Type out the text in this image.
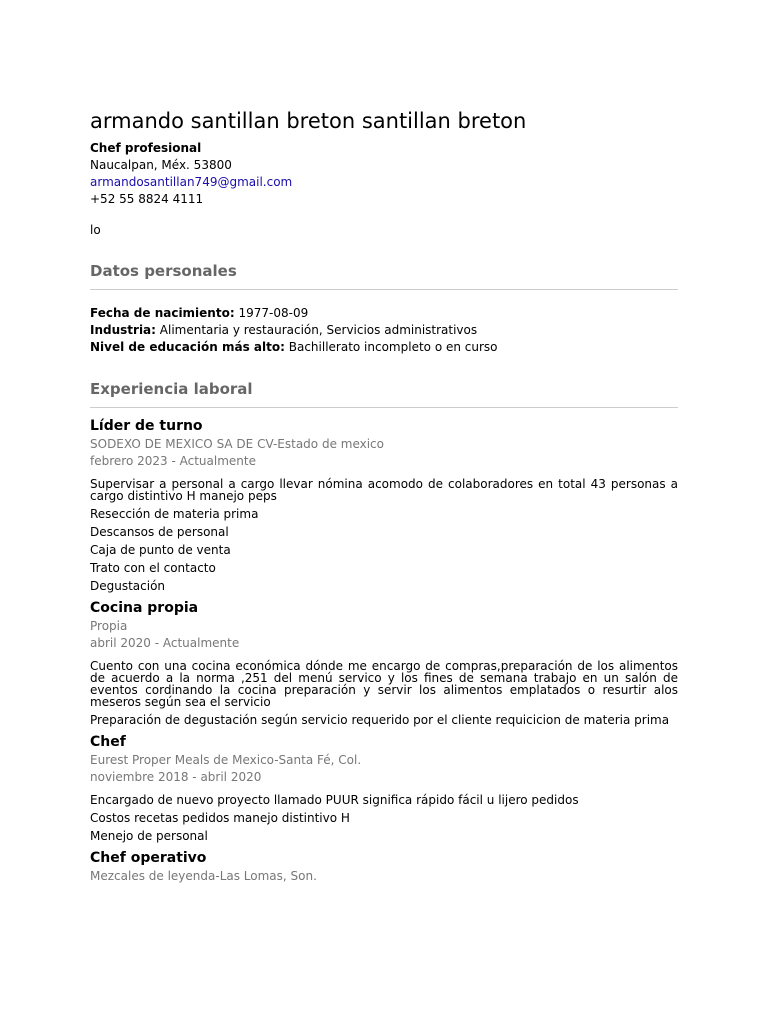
armando santillan breton santillan breton

Chef profesional

Naucalpan, Méx. 53800

armandosantillan749@gmail.com

+52 55 8824 4111

lo

Datos personales

Fecha de nacimiento: 1977-08-09

Industria: Alimentaria y restauración, Servicios administrativos

Nivel de educación más alto: Bachillerato incompleto o en curso

Experiencia laboral
Líder de turno

SODEXO DE MEXICO SA DE CV-Estado de mexico

febrero 2023 - Actualmente

Supervisar a personal a cargo llevar nómina acomodo de colaboradores en total 43 personas a cargo distintivo H manejo peps

Resección de materia prima

Descansos de personal

Caja de punto de venta

Trato con el contacto

Degustación

Cocina propia

Propia

abril 2020 - Actualmente

Cuento con una cocina económica dónde me encargo de compras,preparación de los alimentos de acuerdo a la norma ,251 del menú servico y los fines de semana trabajo en un salón de eventos cordinando la cocina preparación y servir los alimentos emplatados o resurtir alos meseros según sea el servicio

Preparación de degustación según servicio requerido por el cliente requicicion de materia prima

Chef

Eurest Proper Meals de Mexico-Santa Fé, Col.

noviembre 2018 - abril 2020

Encargado de nuevo proyecto llamado PUUR significa rápido fácil u lijero pedidos

Costos recetas pedidos manejo distintivo H

Menejo de personal

Chef operativo

Mezcales de leyenda-Las Lomas, Son.
